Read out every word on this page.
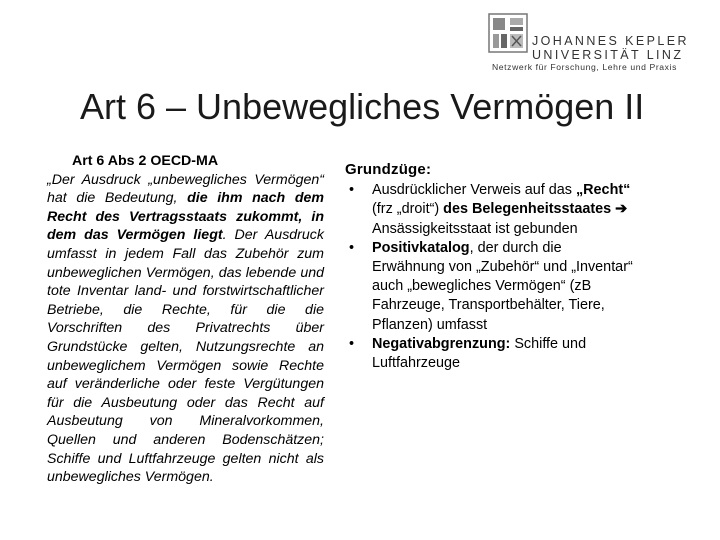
JOHANNES KEPLER
UNIVERSITÄT LINZ
Netzwerk für Forschung, Lehre und Praxis
Art 6 – Unbewegliches Vermögen II
Art 6 Abs 2 OECD-MA
„Der Ausdruck „unbewegliches Vermögen“ hat die Bedeutung, die ihm nach dem Recht des Vertragsstaats zukommt, in dem das Vermögen liegt. Der Ausdruck umfasst in jedem Fall das Zubehör zum unbeweglichen Vermögen, das lebende und tote Inventar land- und forstwirtschaftlicher Betriebe, die Rechte, für die die Vorschriften des Privatrechts über Grundstücke gelten, Nutzungsrechte an unbeweglichem Vermögen sowie Rechte auf veränderliche oder feste Vergütungen für die Ausbeutung oder das Recht auf Ausbeutung von Mineralvorkommen, Quellen und anderen Bodenschätzen; Schiffe und Luftfahrzeuge gelten nicht als unbewegliches Vermögen.
Grundzüge:
• Ausdrücklicher Verweis auf das „Recht“ (frz „droit“) des Belegenheitsstaates ➔ Ansässigkeitsstaat ist gebunden
• Positivkatalog, der durch die Erwähnung von „Zubehör“ und „Inventar“ auch „bewegliches Vermögen“ (zB Fahrzeuge, Transportbehälter, Tiere, Pflanzen) umfasst
• Negativabgrenzung: Schiffe und Luftfahrzeuge
